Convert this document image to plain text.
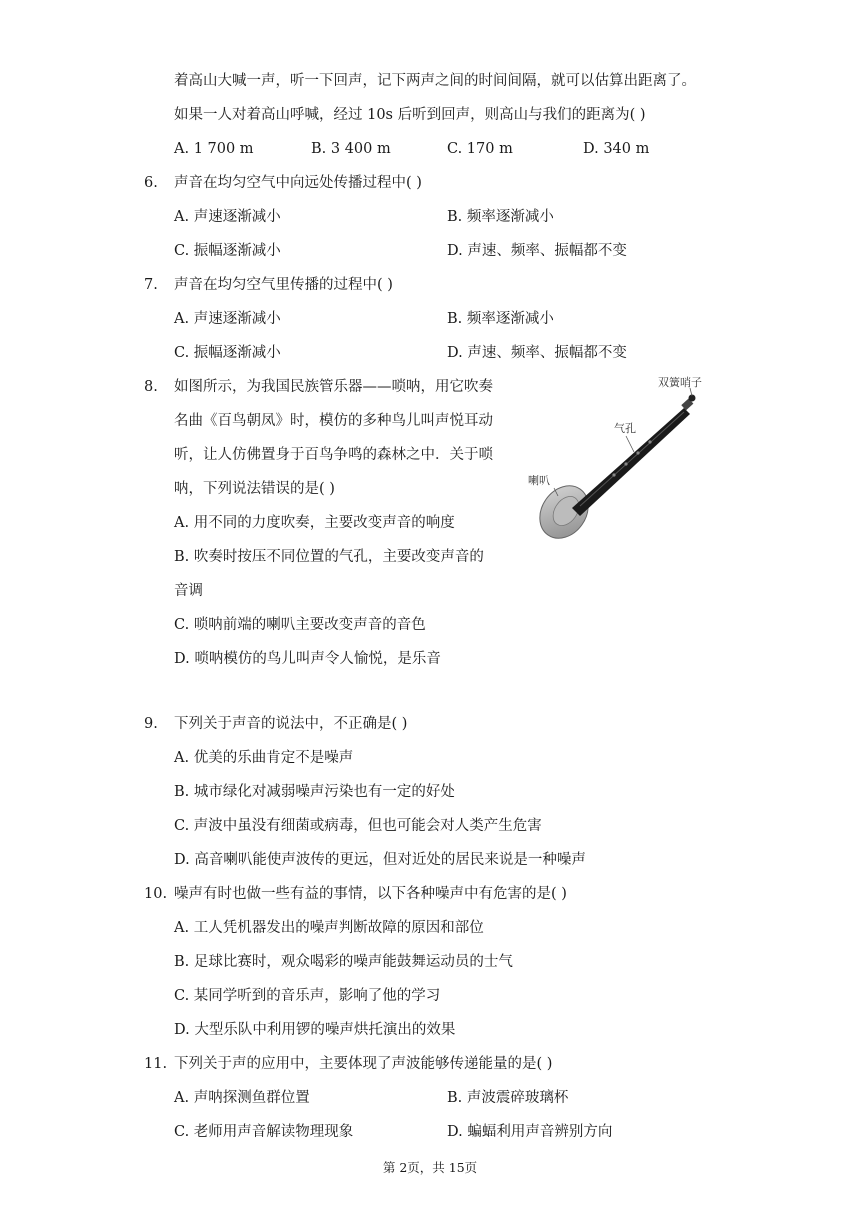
着高山大喊一声，听一下回声，记下两声之间的时间间隔，就可以估算出距离了。
如果一人对着高山呼喊，经过 10s 后听到回声，则高山与我们的距离为( )
A. 1 700 m	B. 3 400 m	C. 170 m	D. 340 m
6. 声音在均匀空气中向远处传播过程中( )
A. 声速逐渐减小	B. 频率逐渐减小
C. 振幅逐渐减小	D. 声速、频率、振幅都不变
7. 声音在均匀空气里传播的过程中( )
A. 声速逐渐减小	B. 频率逐渐减小
C. 振幅逐渐减小	D. 声速、频率、振幅都不变
8. 如图所示，为我国民族管乐器——唢呐，用它吹奏
名曲《百鸟朝凤》时，模仿的多种鸟儿叫声悦耳动
听，让人仿佛置身于百鸟争鸣的森林之中．关于唢
呐，下列说法错误的是( )
A. 用不同的力度吹奏，主要改变声音的响度
B. 吹奏时按压不同位置的气孔，主要改变声音的
音调
C. 唢呐前端的喇叭主要改变声音的音色
D. 唢呐模仿的鸟儿叫声令人愉悦，是乐音
双簧哨子
气孔
喇叭
9. 下列关于声音的说法中，不正确是( )
A. 优美的乐曲肯定不是噪声
B. 城市绿化对减弱噪声污染也有一定的好处
C. 声波中虽没有细菌或病毒，但也可能会对人类产生危害
D. 高音喇叭能使声波传的更远，但对近处的居民来说是一种噪声
10. 噪声有时也做一些有益的事情，以下各种噪声中有危害的是( )
A. 工人凭机器发出的噪声判断故障的原因和部位
B. 足球比赛时，观众喝彩的噪声能鼓舞运动员的士气
C. 某同学听到的音乐声，影响了他的学习
D. 大型乐队中利用锣的噪声烘托演出的效果
11. 下列关于声的应用中，主要体现了声波能够传递能量的是( )
A. 声呐探测鱼群位置	B. 声波震碎玻璃杯
C. 老师用声音解读物理现象	D. 蝙蝠利用声音辨别方向
第 2页，共 15页
